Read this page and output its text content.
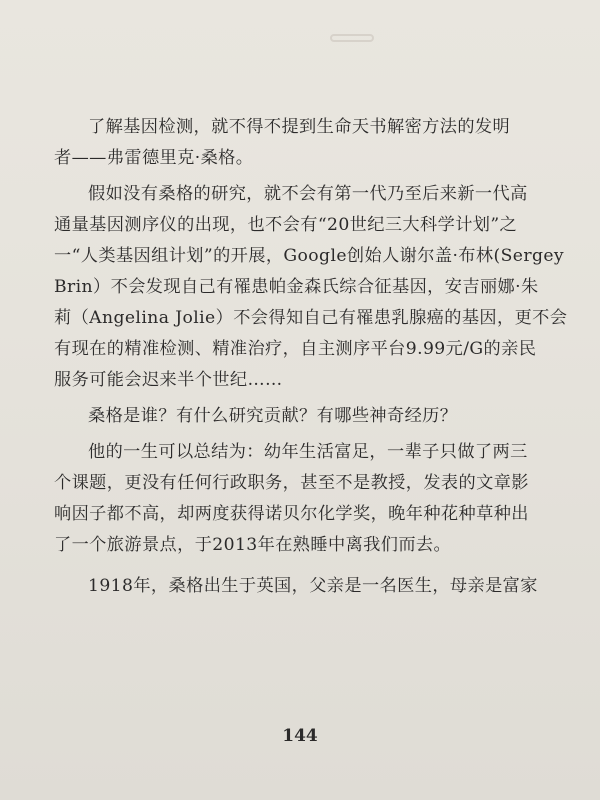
了解基因检测，就不得不提到生命天书解密方法的发明
者——弗雷德里克·桑格。
假如没有桑格的研究，就不会有第一代乃至后来新一代高
通量基因测序仪的出现，也不会有“20世纪三大科学计划”之
一“人类基因组计划”的开展，Google创始人谢尔盖·布林(Sergey
Brin）不会发现自己有罹患帕金森氏综合征基因，安吉丽娜·朱
莉（Angelina Jolie）不会得知自己有罹患乳腺癌的基因，更不会
有现在的精准检测、精准治疗，自主测序平台9.99元/G的亲民
服务可能会迟来半个世纪……
桑格是谁？有什么研究贡献？有哪些神奇经历？
他的一生可以总结为：幼年生活富足，一辈子只做了两三
个课题，更没有任何行政职务，甚至不是教授，发表的文章影
响因子都不高，却两度获得诺贝尔化学奖，晚年种花种草种出
了一个旅游景点，于2013年在熟睡中离我们而去。
1918年，桑格出生于英国，父亲是一名医生，母亲是富家
144
